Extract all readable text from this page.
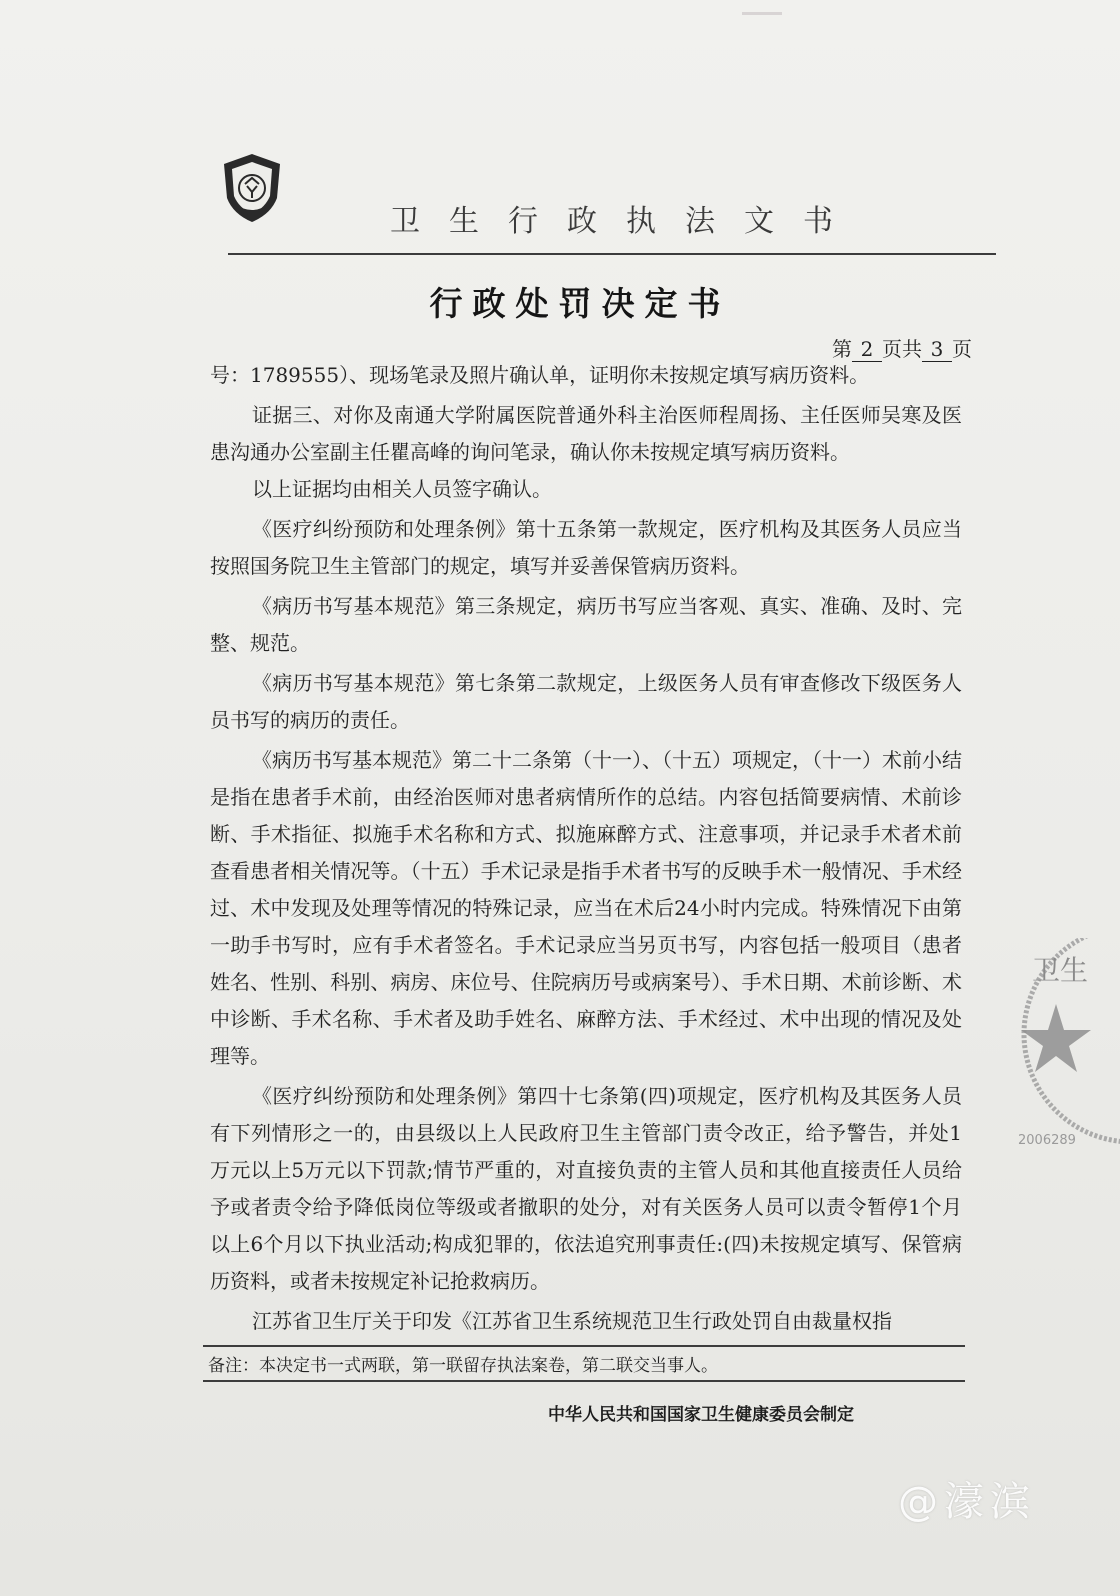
卫生行政执法文书
行政处罚决定书
第 2 页共 3 页

号：1789555）、现场笔录及照片确认单，证明你未按规定填写病历资料。

证据三、对你及南通大学附属医院普通外科主治医师程周扬、主任医师吴寒及医患沟通办公室副主任瞿高峰的询问笔录，确认你未按规定填写病历资料。

以上证据均由相关人员签字确认。

《医疗纠纷预防和处理条例》第十五条第一款规定，医疗机构及其医务人员应当按照国务院卫生主管部门的规定，填写并妥善保管病历资料。

《病历书写基本规范》第三条规定，病历书写应当客观、真实、准确、及时、完整、规范。

《病历书写基本规范》第七条第二款规定，上级医务人员有审查修改下级医务人员书写的病历的责任。

《病历书写基本规范》第二十二条第（十一）、（十五）项规定，（十一）术前小结是指在患者手术前，由经治医师对患者病情所作的总结。内容包括简要病情、术前诊断、手术指征、拟施手术名称和方式、拟施麻醉方式、注意事项，并记录手术者术前查看患者相关情况等。（十五）手术记录是指手术者书写的反映手术一般情况、手术经过、术中发现及处理等情况的特殊记录，应当在术后24小时内完成。特殊情况下由第一助手书写时，应有手术者签名。手术记录应当另页书写，内容包括一般项目（患者姓名、性别、科别、病房、床位号、住院病历号或病案号）、手术日期、术前诊断、术中诊断、手术名称、手术者及助手姓名、麻醉方法、手术经过、术中出现的情况及处理等。

《医疗纠纷预防和处理条例》第四十七条第(四)项规定，医疗机构及其医务人员有下列情形之一的，由县级以上人民政府卫生主管部门责令改正，给予警告，并处1万元以上5万元以下罚款;情节严重的，对直接负责的主管人员和其他直接责任人员给予或者责令给予降低岗位等级或者撤职的处分，对有关医务人员可以责令暂停1个月以上6个月以下执业活动;构成犯罪的，依法追究刑事责任:(四)未按规定填写、保管病历资料，或者未按规定补记抢救病历。

江苏省卫生厅关于印发《江苏省卫生系统规范卫生行政处罚自由裁量权指

卫生
2006289
备注：本决定书一式两联，第一联留存执法案卷，第二联交当事人。
中华人民共和国国家卫生健康委员会制定
@濠滨
